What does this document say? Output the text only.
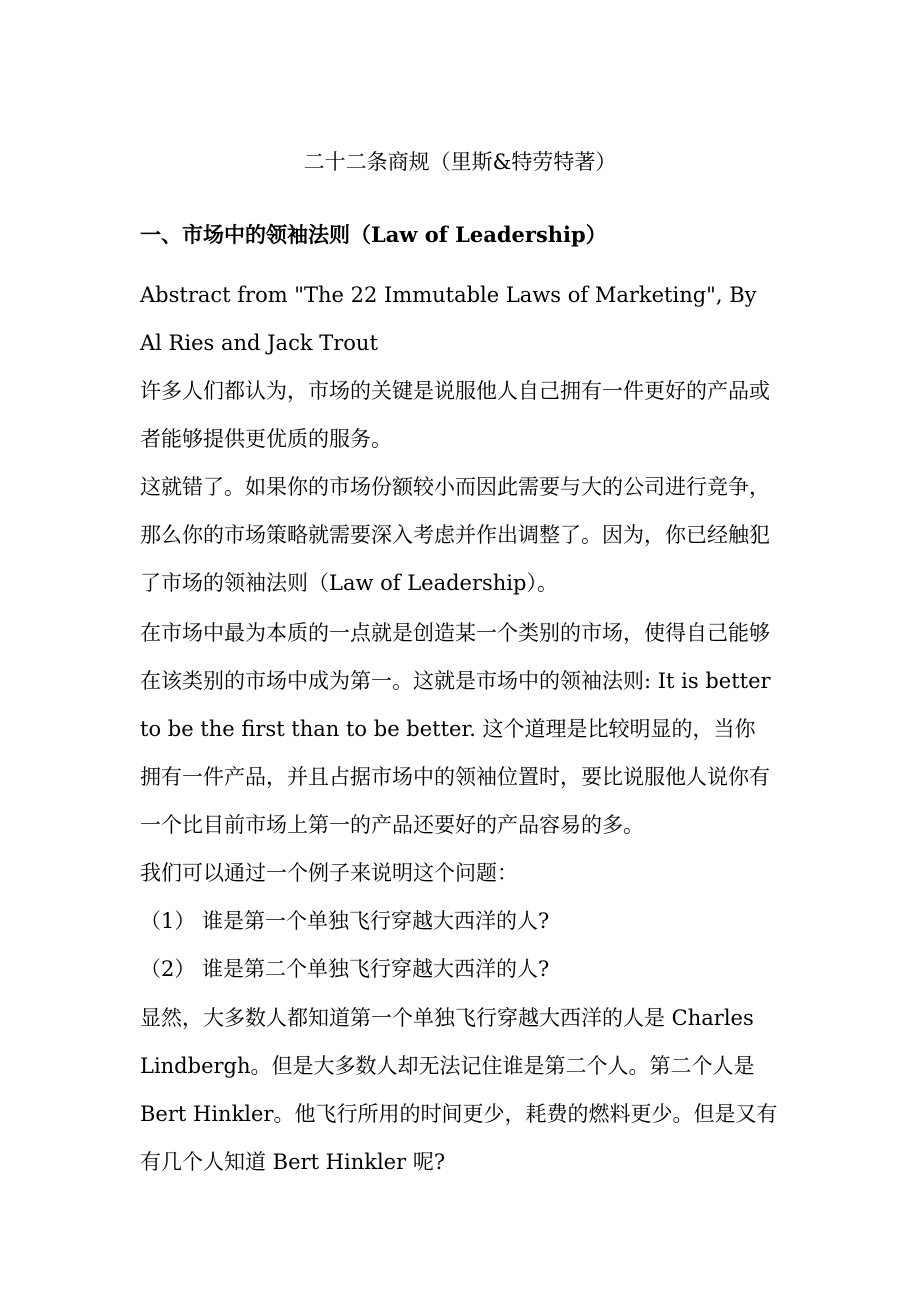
二十二条商规（里斯&特劳特著）
一、市场中的领袖法则（Law of Leadership）
Abstract from "The 22 Immutable Laws of Marketing", By
Al Ries and Jack Trout
许多人们都认为，市场的关键是说服他人自己拥有一件更好的产品或
者能够提供更优质的服务。
这就错了。如果你的市场份额较小而因此需要与大的公司进行竞争，
那么你的市场策略就需要深入考虑并作出调整了。因为，你已经触犯
了市场的领袖法则（Law of Leadership）。
在市场中最为本质的一点就是创造某一个类别的市场，使得自己能够
在该类别的市场中成为第一。这就是市场中的领袖法则: It is better
to be the first than to be better. 这个道理是比较明显的，当你
拥有一件产品，并且占据市场中的领袖位置时，要比说服他人说你有
一个比目前市场上第一的产品还要好的产品容易的多。
我们可以通过一个例子来说明这个问题：
（1） 谁是第一个单独飞行穿越大西洋的人?
（2） 谁是第二个单独飞行穿越大西洋的人?
显然，大多数人都知道第一个单独飞行穿越大西洋的人是 Charles
Lindbergh。但是大多数人却无法记住谁是第二个人。第二个人是
Bert Hinkler。他飞行所用的时间更少，耗费的燃料更少。但是又有
有几个人知道 Bert Hinkler 呢?
